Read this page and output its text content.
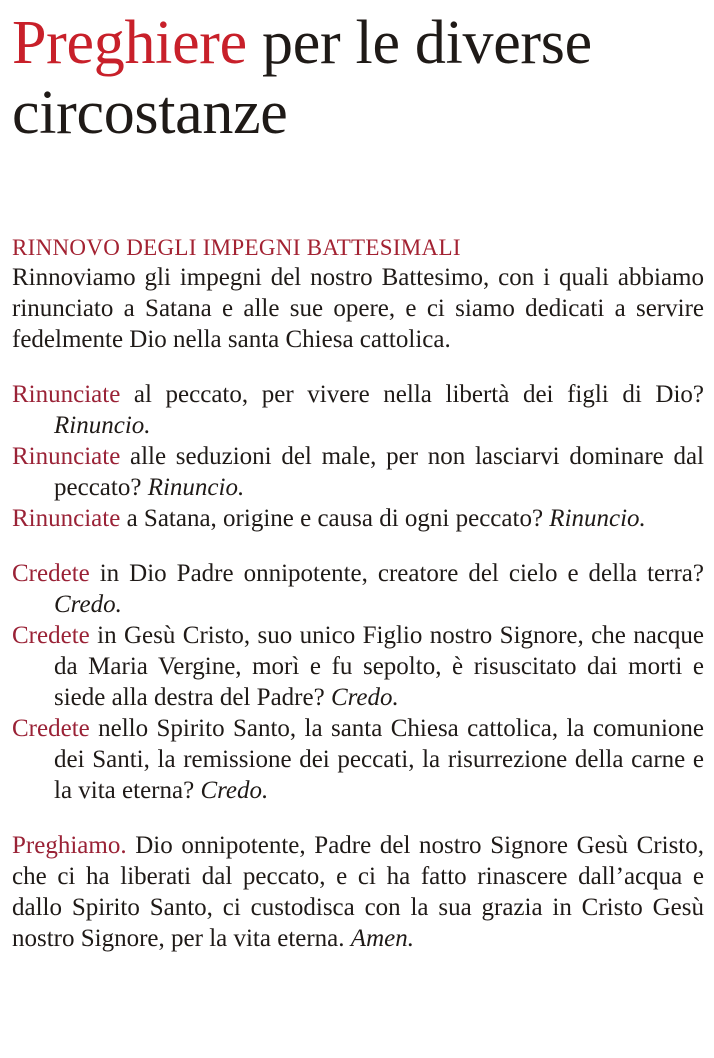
Preghiere per le diverse circostanze
RINNOVO DEGLI IMPEGNI BATTESIMALI

Rinnoviamo gli impegni del nostro Battesimo, con i quali abbiamo rinunciato a Satana e alle sue opere, e ci siamo dedicati a servire fedelmente Dio nella santa Chiesa cattolica.

Rinunciate al peccato, per vivere nella libertà dei figli di Dio? Rinuncio.

Rinunciate alle seduzioni del male, per non lasciarvi dominare dal peccato? Rinuncio.

Rinunciate a Satana, origine e causa di ogni peccato? Rinuncio.

Credete in Dio Padre onnipotente, creatore del cielo e della terra? Credo.

Credete in Gesù Cristo, suo unico Figlio nostro Signore, che nacque da Maria Vergine, morì e fu sepolto, è risuscitato dai morti e siede alla destra del Padre? Credo.

Credete nello Spirito Santo, la santa Chiesa cattolica, la comunione dei Santi, la remissione dei peccati, la risurrezione della carne e la vita eterna? Credo.

Preghiamo. Dio onnipotente, Padre del nostro Signore Gesù Cristo, che ci ha liberati dal peccato, e ci ha fatto rinascere dall’acqua e dallo Spirito Santo, ci custodisca con la sua grazia in Cristo Gesù nostro Signore, per la vita eterna. Amen.
